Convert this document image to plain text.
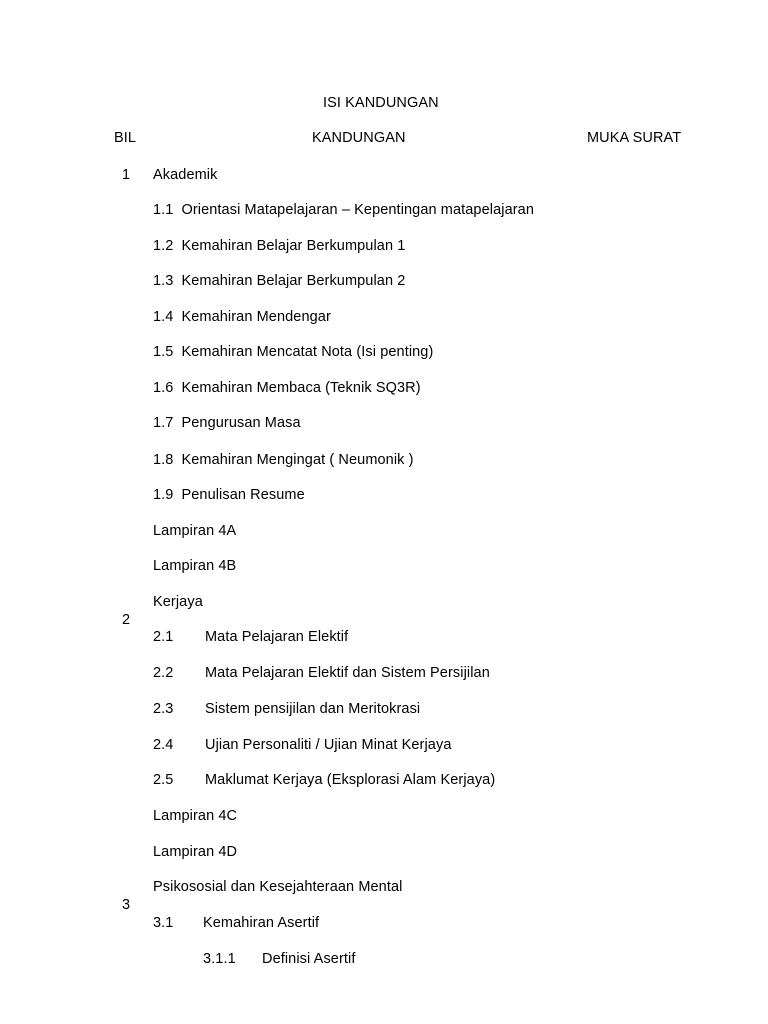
ISI KANDUNGAN
BIL	KANDUNGAN	MUKA SURAT
1 Akademik
1.1 Orientasi Matapelajaran – Kepentingan matapelajaran
1.2 Kemahiran Belajar Berkumpulan 1
1.3 Kemahiran Belajar Berkumpulan 2
1.4 Kemahiran Mendengar
1.5 Kemahiran Mencatat Nota (Isi penting)
1.6 Kemahiran Membaca (Teknik SQ3R)
1.7 Pengurusan Masa
1.8 Kemahiran Mengingat ( Neumonik )
1.9 Penulisan Resume
Lampiran 4A
Lampiran 4B
Kerjaya
2
2.1 Mata Pelajaran Elektif
2.2 Mata Pelajaran Elektif dan Sistem Persijilan
2.3 Sistem pensijilan dan Meritokrasi
2.4 Ujian Personaliti / Ujian Minat Kerjaya
2.5 Maklumat Kerjaya (Eksplorasi Alam Kerjaya)
Lampiran 4C
Lampiran 4D
Psikososial dan Kesejahteraan Mental
3
3.1 Kemahiran Asertif
3.1.1 Definisi Asertif
